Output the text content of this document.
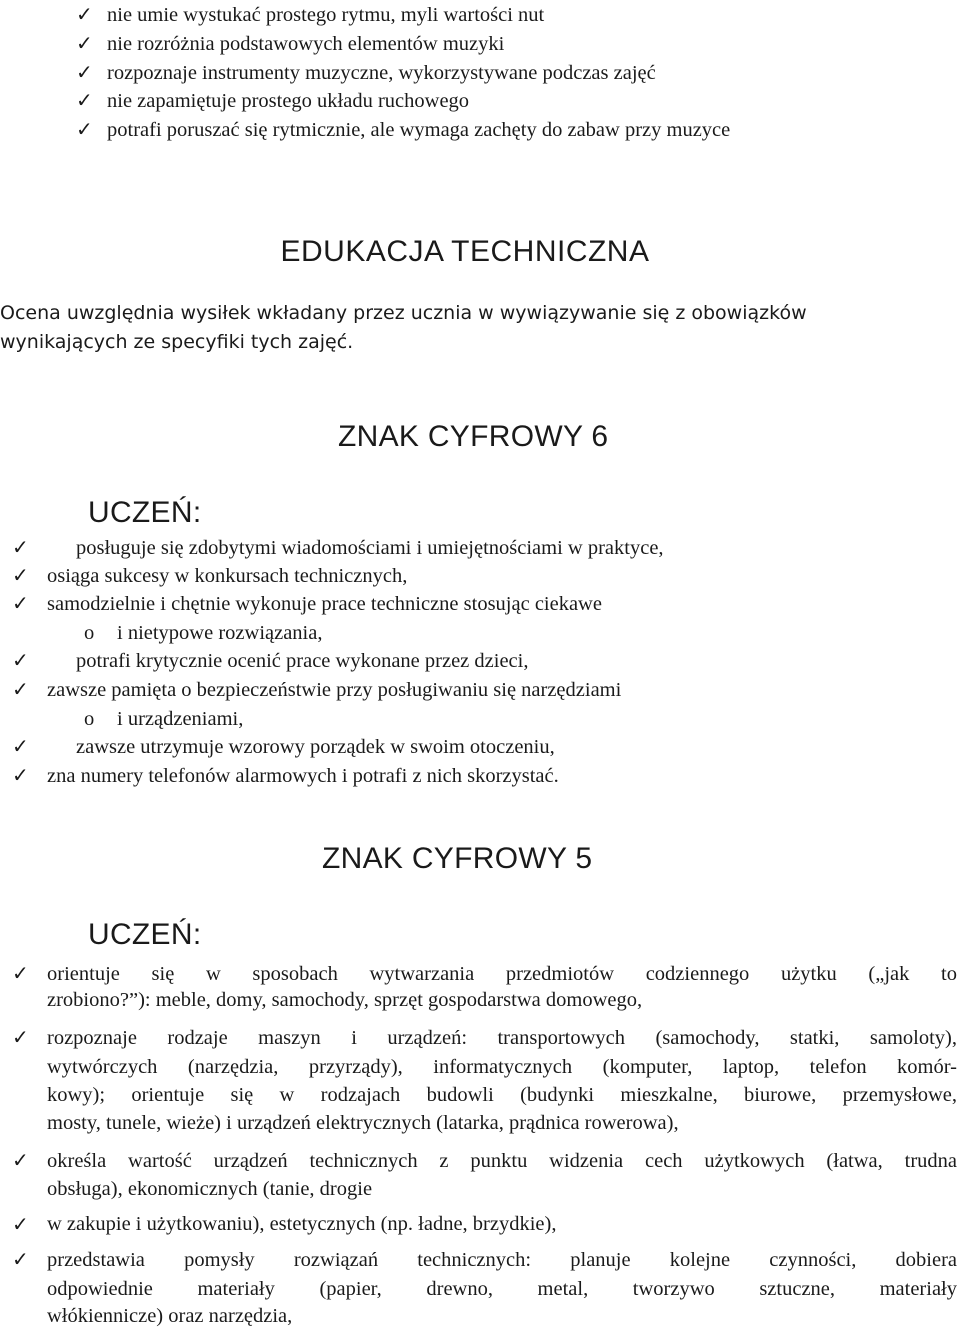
✓ nie umie wystukać prostego rytmu, myli wartości nut
✓ nie rozróżnia podstawowych elementów muzyki
✓ rozpoznaje instrumenty muzyczne, wykorzystywane podczas zajęć
✓ nie zapamiętuje prostego układu ruchowego
✓ potrafi poruszać się rytmicznie, ale wymaga zachęty do zabaw przy muzyce
EDUKACJA TECHNICZNA
Ocena uwzględnia wysiłek wkładany przez ucznia w wywiązywanie się z obowiązków
wynikających ze specyfiki tych zajęć.
ZNAK CYFROWY 6
UCZEŃ:
✓ posługuje się zdobytymi wiadomościami i umiejętnościami w praktyce,
✓ osiąga sukcesy w konkursach technicznych,
✓ samodzielnie i chętnie wykonuje prace techniczne stosując ciekawe
o i nietypowe rozwiązania,
✓ potrafi krytycznie ocenić prace wykonane przez dzieci,
✓ zawsze pamięta o bezpieczeństwie przy posługiwaniu się narzędziami
o i urządzeniami,
✓ zawsze utrzymuje wzorowy porządek w swoim otoczeniu,
✓ zna numery telefonów alarmowych i potrafi z nich skorzystać.
ZNAK CYFROWY 5
UCZEŃ:
✓ orientuje się w sposobach wytwarzania przedmiotów codziennego użytku („jak to
zrobiono?”): meble, domy, samochody, sprzęt gospodarstwa domowego,
✓ rozpoznaje rodzaje maszyn i urządzeń: transportowych (samochody, statki, samoloty),
wytwórczych (narzędzia, przyrządy), informatycznych (komputer, laptop, telefon komór-
kowy); orientuje się w rodzajach budowli (budynki mieszkalne, biurowe, przemysłowe,
mosty, tunele, wieże) i urządzeń elektrycznych (latarka, prądnica rowerowa),
✓ określa wartość urządzeń technicznych z punktu widzenia cech użytkowych (łatwa, trudna
obsługa), ekonomicznych (tanie, drogie
✓ w zakupie i użytkowaniu), estetycznych (np. ładne, brzydkie),
✓ przedstawia pomysły rozwiązań technicznych: planuje kolejne czynności, dobiera
odpowiednie materiały (papier, drewno, metal, tworzywo sztuczne, materiały
włókiennicze) oraz narzędzia,
